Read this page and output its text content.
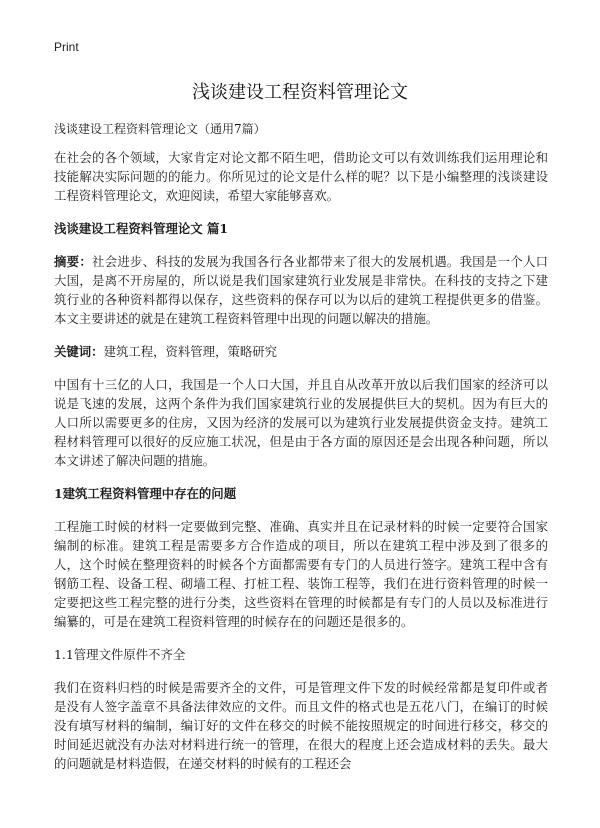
Print
浅谈建设工程资料管理论文

浅谈建设工程资料管理论文（通用7篇）

在社会的各个领域，大家肯定对论文都不陌生吧，借助论文可以有效训练我们运用理论和技能解决实际问题的的能力。你所见过的论文是什么样的呢？以下是小编整理的浅谈建设工程资料管理论文，欢迎阅读，希望大家能够喜欢。

浅谈建设工程资料管理论文 篇1

摘要：社会进步、科技的发展为我国各行各业都带来了很大的发展机遇。我国是一个人口大国，是离不开房屋的，所以说是我们国家建筑行业发展是非常快。在科技的支持之下建筑行业的各种资料都得以保存，这些资料的保存可以为以后的建筑工程提供更多的借鉴。本文主要讲述的就是在建筑工程资料管理中出现的问题以解决的措施。

关键词：建筑工程，资料管理，策略研究

中国有十三亿的人口，我国是一个人口大国，并且自从改革开放以后我们国家的经济可以说是飞速的发展，这两个条件为我们国家建筑行业的发展提供巨大的契机。因为有巨大的人口所以需要更多的住房，又因为经济的发展可以为建筑行业发展提供资金支持。建筑工程材料管理可以很好的反应施工状况，但是由于各方面的原因还是会出现各种问题，所以本文讲述了解决问题的措施。

1建筑工程资料管理中存在的问题

工程施工时候的材料一定要做到完整、准确、真实并且在记录材料的时候一定要符合国家编制的标准。建筑工程是需要多方合作造成的项目，所以在建筑工程中涉及到了很多的人，这个时候在整理资料的时候各个方面都需要有专门的人员进行签字。建筑工程中含有钢筋工程、设备工程、砌墙工程、打桩工程、装饰工程等，我们在进行资料管理的时候一定要把这些工程完整的进行分类，这些资料在管理的时候都是有专门的人员以及标准进行编纂的，可是在建筑工程资料管理的时候存在的问题还是很多的。

1.1管理文件原件不齐全

我们在资料归档的时候是需要齐全的文件，可是管理文件下发的时候经常都是复印件或者是没有人签字盖章不具备法律效应的文件。而且文件的格式也是五花八门，在编订的时候没有填写材料的编制，编订好的文件在移交的时候不能按照规定的时间进行移交，移交的时间延迟就没有办法对材料进行统一的管理，在很大的程度上还会造成材料的丢失。最大的问题就是材料造假，在递交材料的时候有的工程还会
